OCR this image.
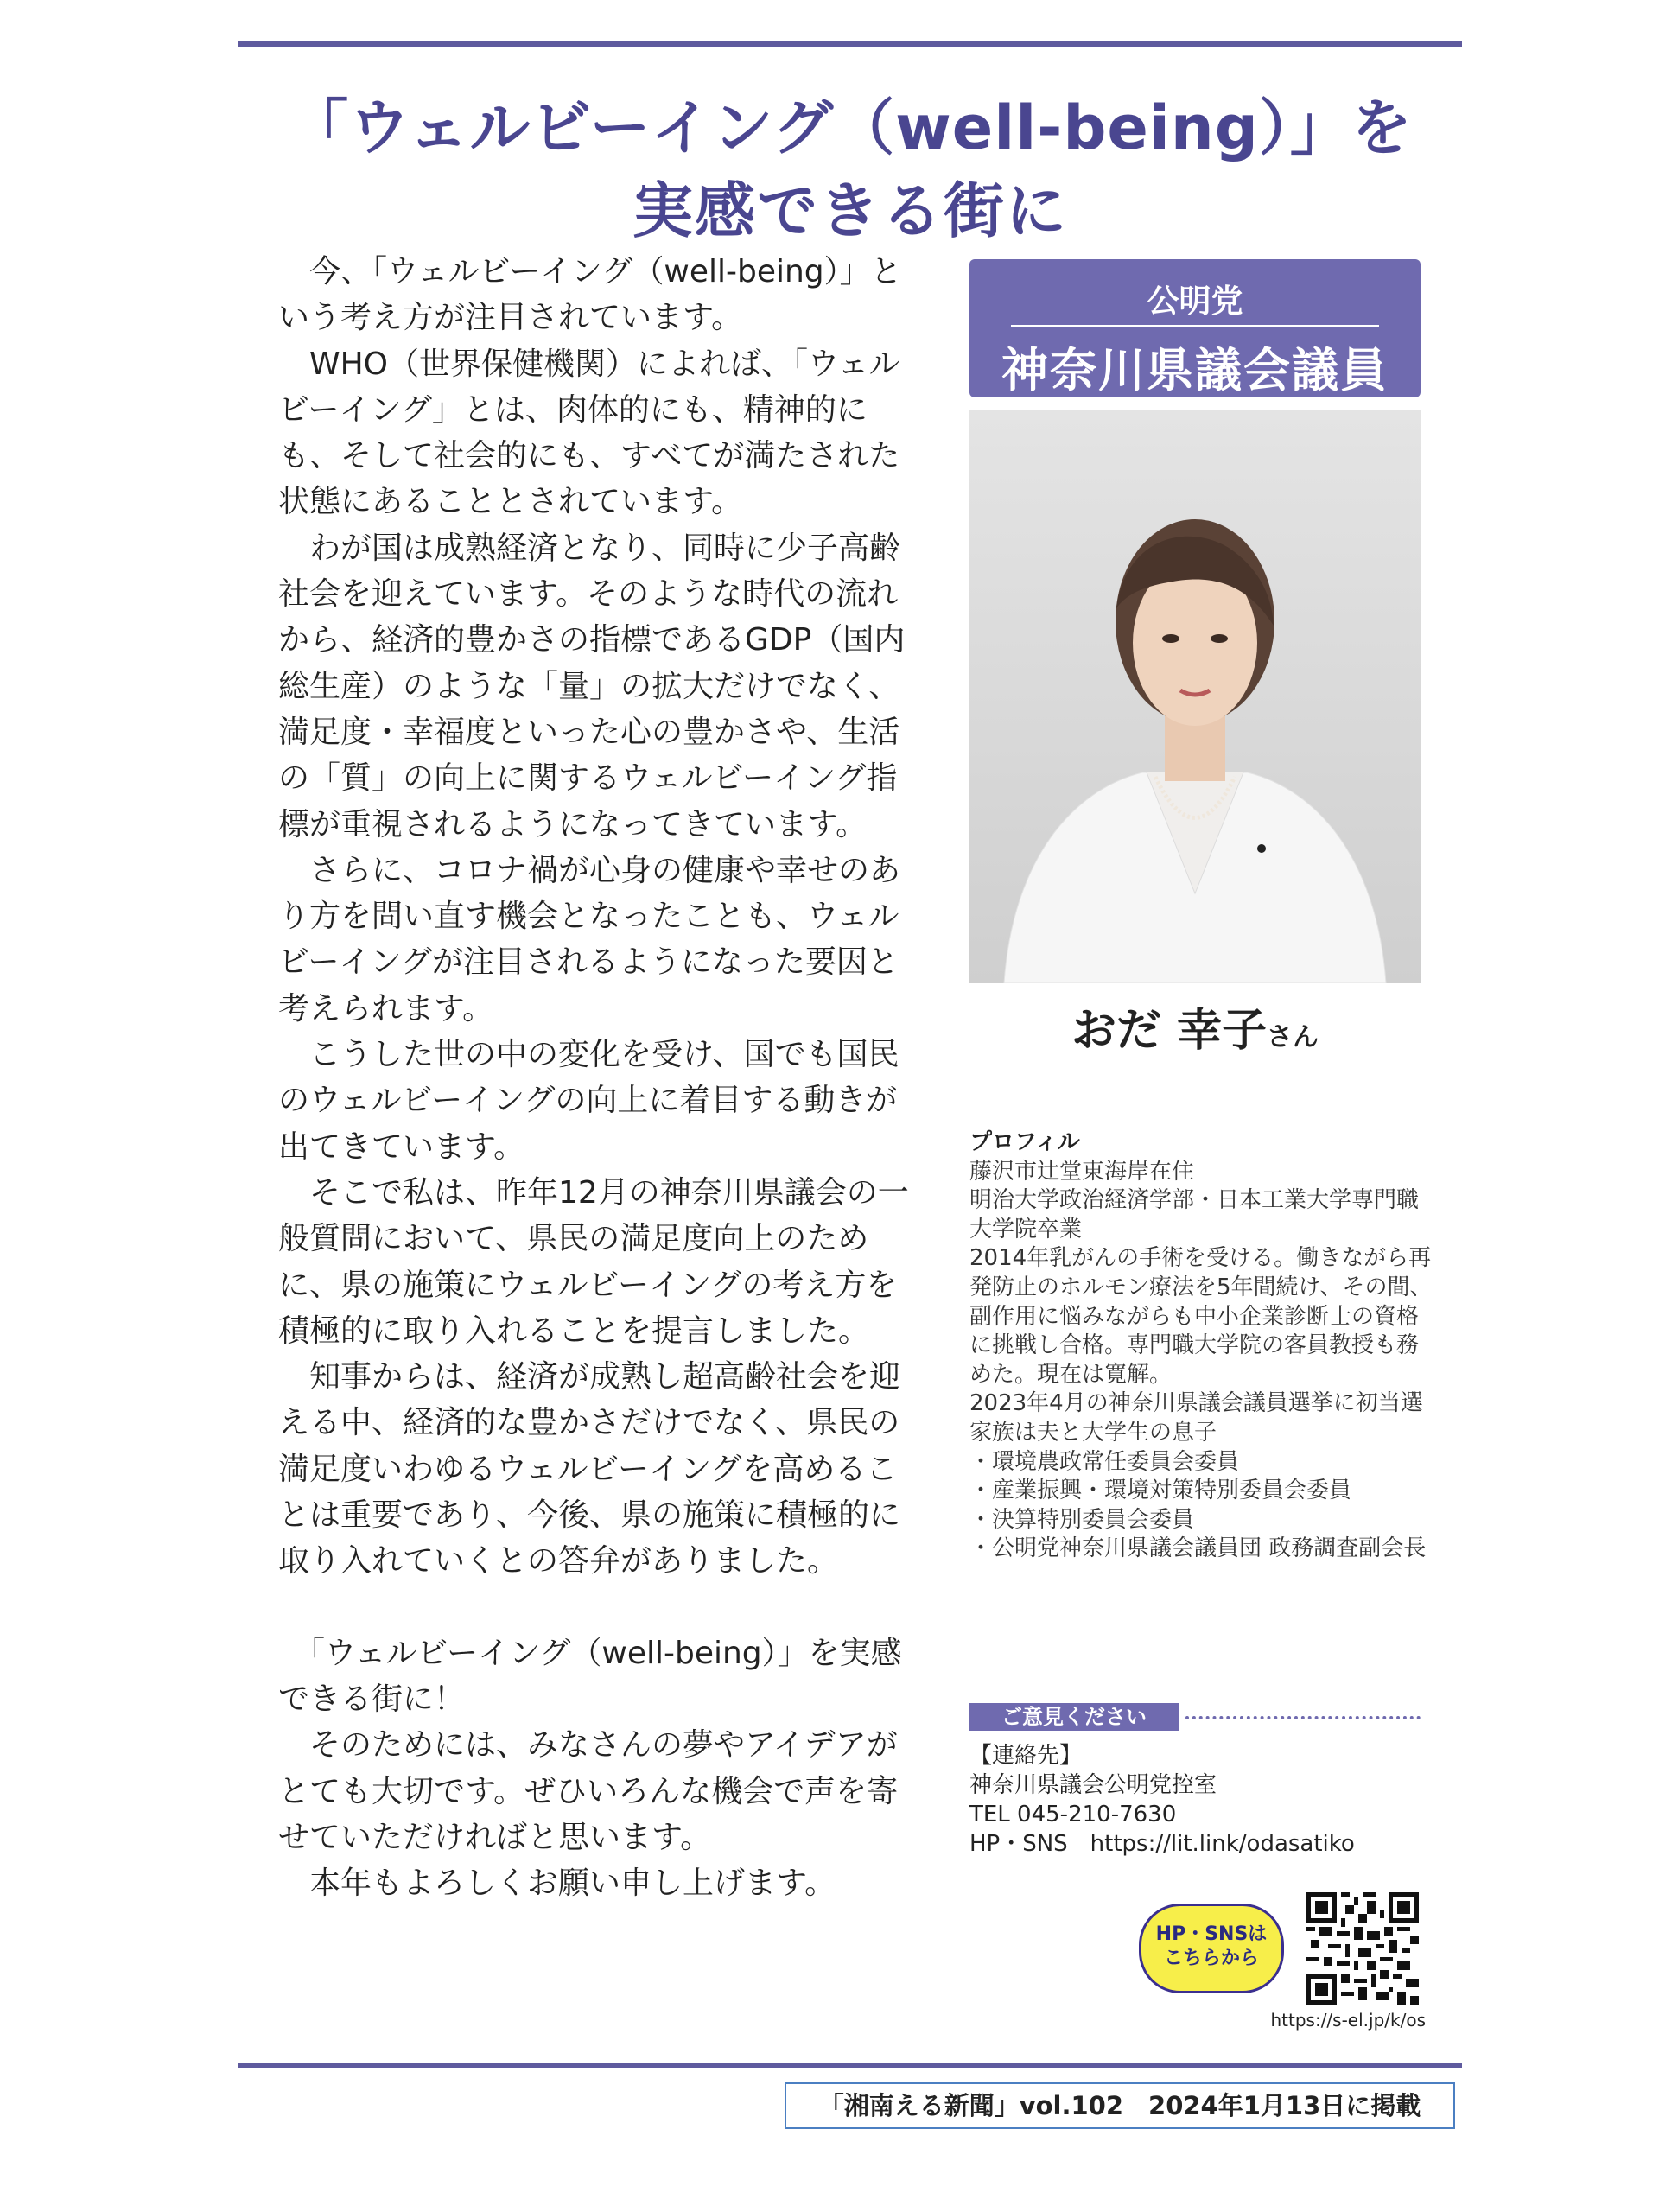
「ウェルビーイング（well-being）」を
実感できる街に

　今、「ウェルビーイング（well-being）」という考え方が注目されています。

　WHO（世界保健機関）によれば、「ウェルビーイング」とは、肉体的にも、精神的にも、そして社会的にも、すべてが満たされた状態にあることとされています。

　わが国は成熟経済となり、同時に少子高齢社会を迎えています。そのような時代の流れから、経済的豊かさの指標であるGDP（国内総生産）のような「量」の拡大だけでなく、満足度・幸福度といった心の豊かさや、生活の「質」の向上に関するウェルビーイング指標が重視されるようになってきています。

　さらに、コロナ禍が心身の健康や幸せのあり方を問い直す機会となったことも、ウェルビーイングが注目されるようになった要因と考えられます。

　こうした世の中の変化を受け、国でも国民のウェルビーイングの向上に着目する動きが出てきています。

　そこで私は、昨年12月の神奈川県議会の一般質問において、県民の満足度向上のために、県の施策にウェルビーイングの考え方を積極的に取り入れることを提言しました。

　知事からは、経済が成熟し超高齢社会を迎える中、経済的な豊かさだけでなく、県民の満足度いわゆるウェルビーイングを高めることは重要であり、今後、県の施策に積極的に取り入れていくとの答弁がありました。

　「ウェルビーイング（well-being）」を実感できる街に！

　そのためには、みなさんの夢やアイデアがとても大切です。ぜひいろんな機会で声を寄せていただければと思います。

　本年もよろしくお願い申し上げます。

公明党
神奈川県議会議員
おだ 幸子さん

プロフィル

藤沢市辻堂東海岸在住

明治大学政治経済学部・日本工業大学専門職大学院卒業

2014年乳がんの手術を受ける。働きながら再発防止のホルモン療法を5年間続け、その間、副作用に悩みながらも中小企業診断士の資格に挑戦し合格。専門職大学院の客員教授も務めた。現在は寛解。

2023年4月の神奈川県議会議員選挙に初当選

家族は夫と大学生の息子

・環境農政常任委員会委員

・産業振興・環境対策特別委員会委員

・決算特別委員会委員

・公明党神奈川県議会議員団 政務調査副会長

ご意見ください

【連絡先】

神奈川県議会公明党控室

TEL 045-210-7630

HP・SNS　https://lit.link/odasatiko

HP・SNSは
こちらから
https://s-el.jp/k/os
「湘南える新聞」vol.102　2024年1月13日に掲載
